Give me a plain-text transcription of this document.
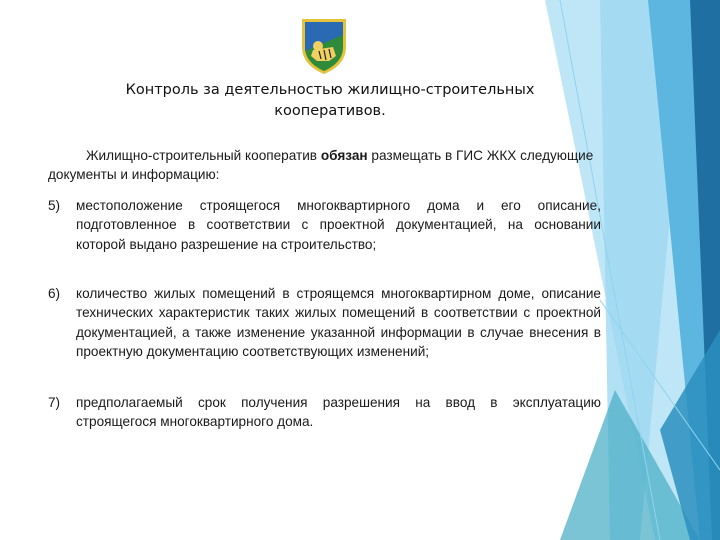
Контроль за деятельностью жилищно-строительных
кооперативов.
Жилищно-строительный кооператив обязан размещать в ГИС ЖКХ следующие документы и информацию:
5) местоположение строящегося многоквартирного дома и его описание, подготовленное в соответствии с проектной документацией, на основании которой выдано разрешение на строительство;
6) количество жилых помещений в строящемся многоквартирном доме, описание технических характеристик таких жилых помещений в соответствии с проектной документацией, а также изменение указанной информации в случае внесения в проектную документацию соответствующих изменений;
7) предполагаемый срок получения разрешения на ввод в эксплуатацию строящегося многоквартирного дома.
